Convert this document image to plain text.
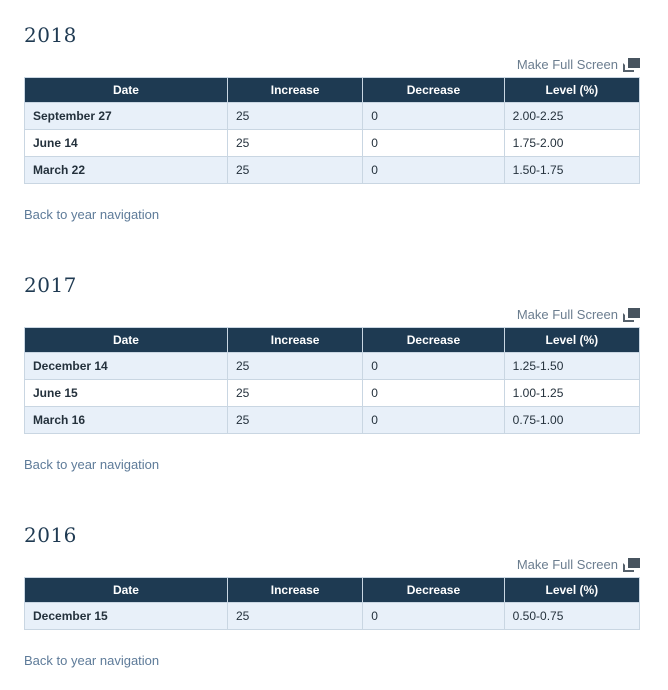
2018
Make Full Screen
Date	Increase	Decrease	Level (%)
September 27	25	0	2.00-2.25
June 14	25	0	1.75-2.00
March 22	25	0	1.50-1.75
Back to year navigation
2017
Make Full Screen
Date	Increase	Decrease	Level (%)
December 14	25	0	1.25-1.50
June 15	25	0	1.00-1.25
March 16	25	0	0.75-1.00
Back to year navigation
2016
Make Full Screen
Date	Increase	Decrease	Level (%)
December 15	25	0	0.50-0.75
Back to year navigation
